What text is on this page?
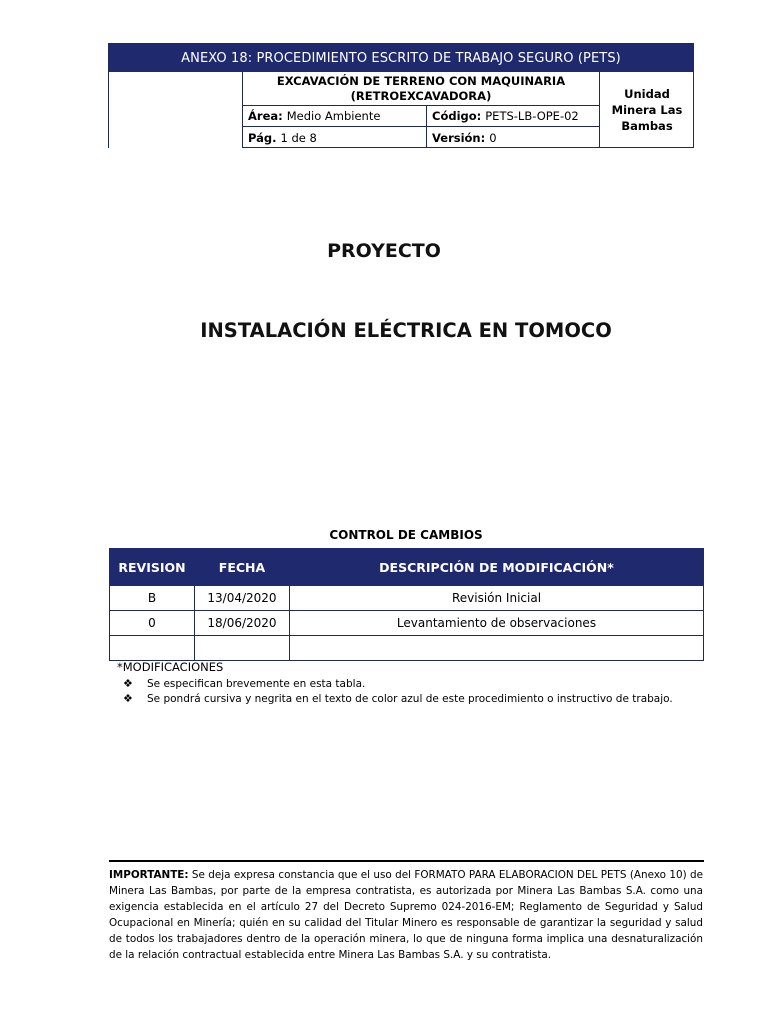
ANEXO 18: PROCEDIMIENTO ESCRITO DE TRABAJO SEGURO (PETS)
EXCAVACIÓN DE TERRENO CON MAQUINARIA
(RETROEXCAVADORA)
Área: Medio Ambiente	Código: PETS-LB-OPE-02
Pág. 1 de 8	Versión: 0
Unidad
Minera Las
Bambas
PROYECTO
INSTALACIÓN ELÉCTRICA EN TOMOCO
CONTROL DE CAMBIOS
REVISION	FECHA	DESCRIPCIÓN DE MODIFICACIÓN*
B	13/04/2020	Revisión Inicial
0	18/06/2020	Levantamiento de observaciones

*MODIFICACIONES
❖	Se especifican brevemente en esta tabla.
❖	Se pondrá cursiva y negrita en el texto de color azul de este procedimiento o instructivo de trabajo.
IMPORTANTE: Se deja expresa constancia que el uso del FORMATO PARA ELABORACION DEL PETS (Anexo 10) de Minera Las Bambas, por parte de la empresa contratista, es autorizada por Minera Las Bambas S.A. como una exigencia establecida en el artículo 27 del Decreto Supremo 024-2016-EM; Reglamento de Seguridad y Salud Ocupacional en Minería; quién en su calidad del Titular Minero es responsable de garantizar la seguridad y salud de todos los trabajadores dentro de la operación minera, lo que de ninguna forma implica una desnaturalización de la relación contractual establecida entre Minera Las Bambas S.A. y su contratista.
